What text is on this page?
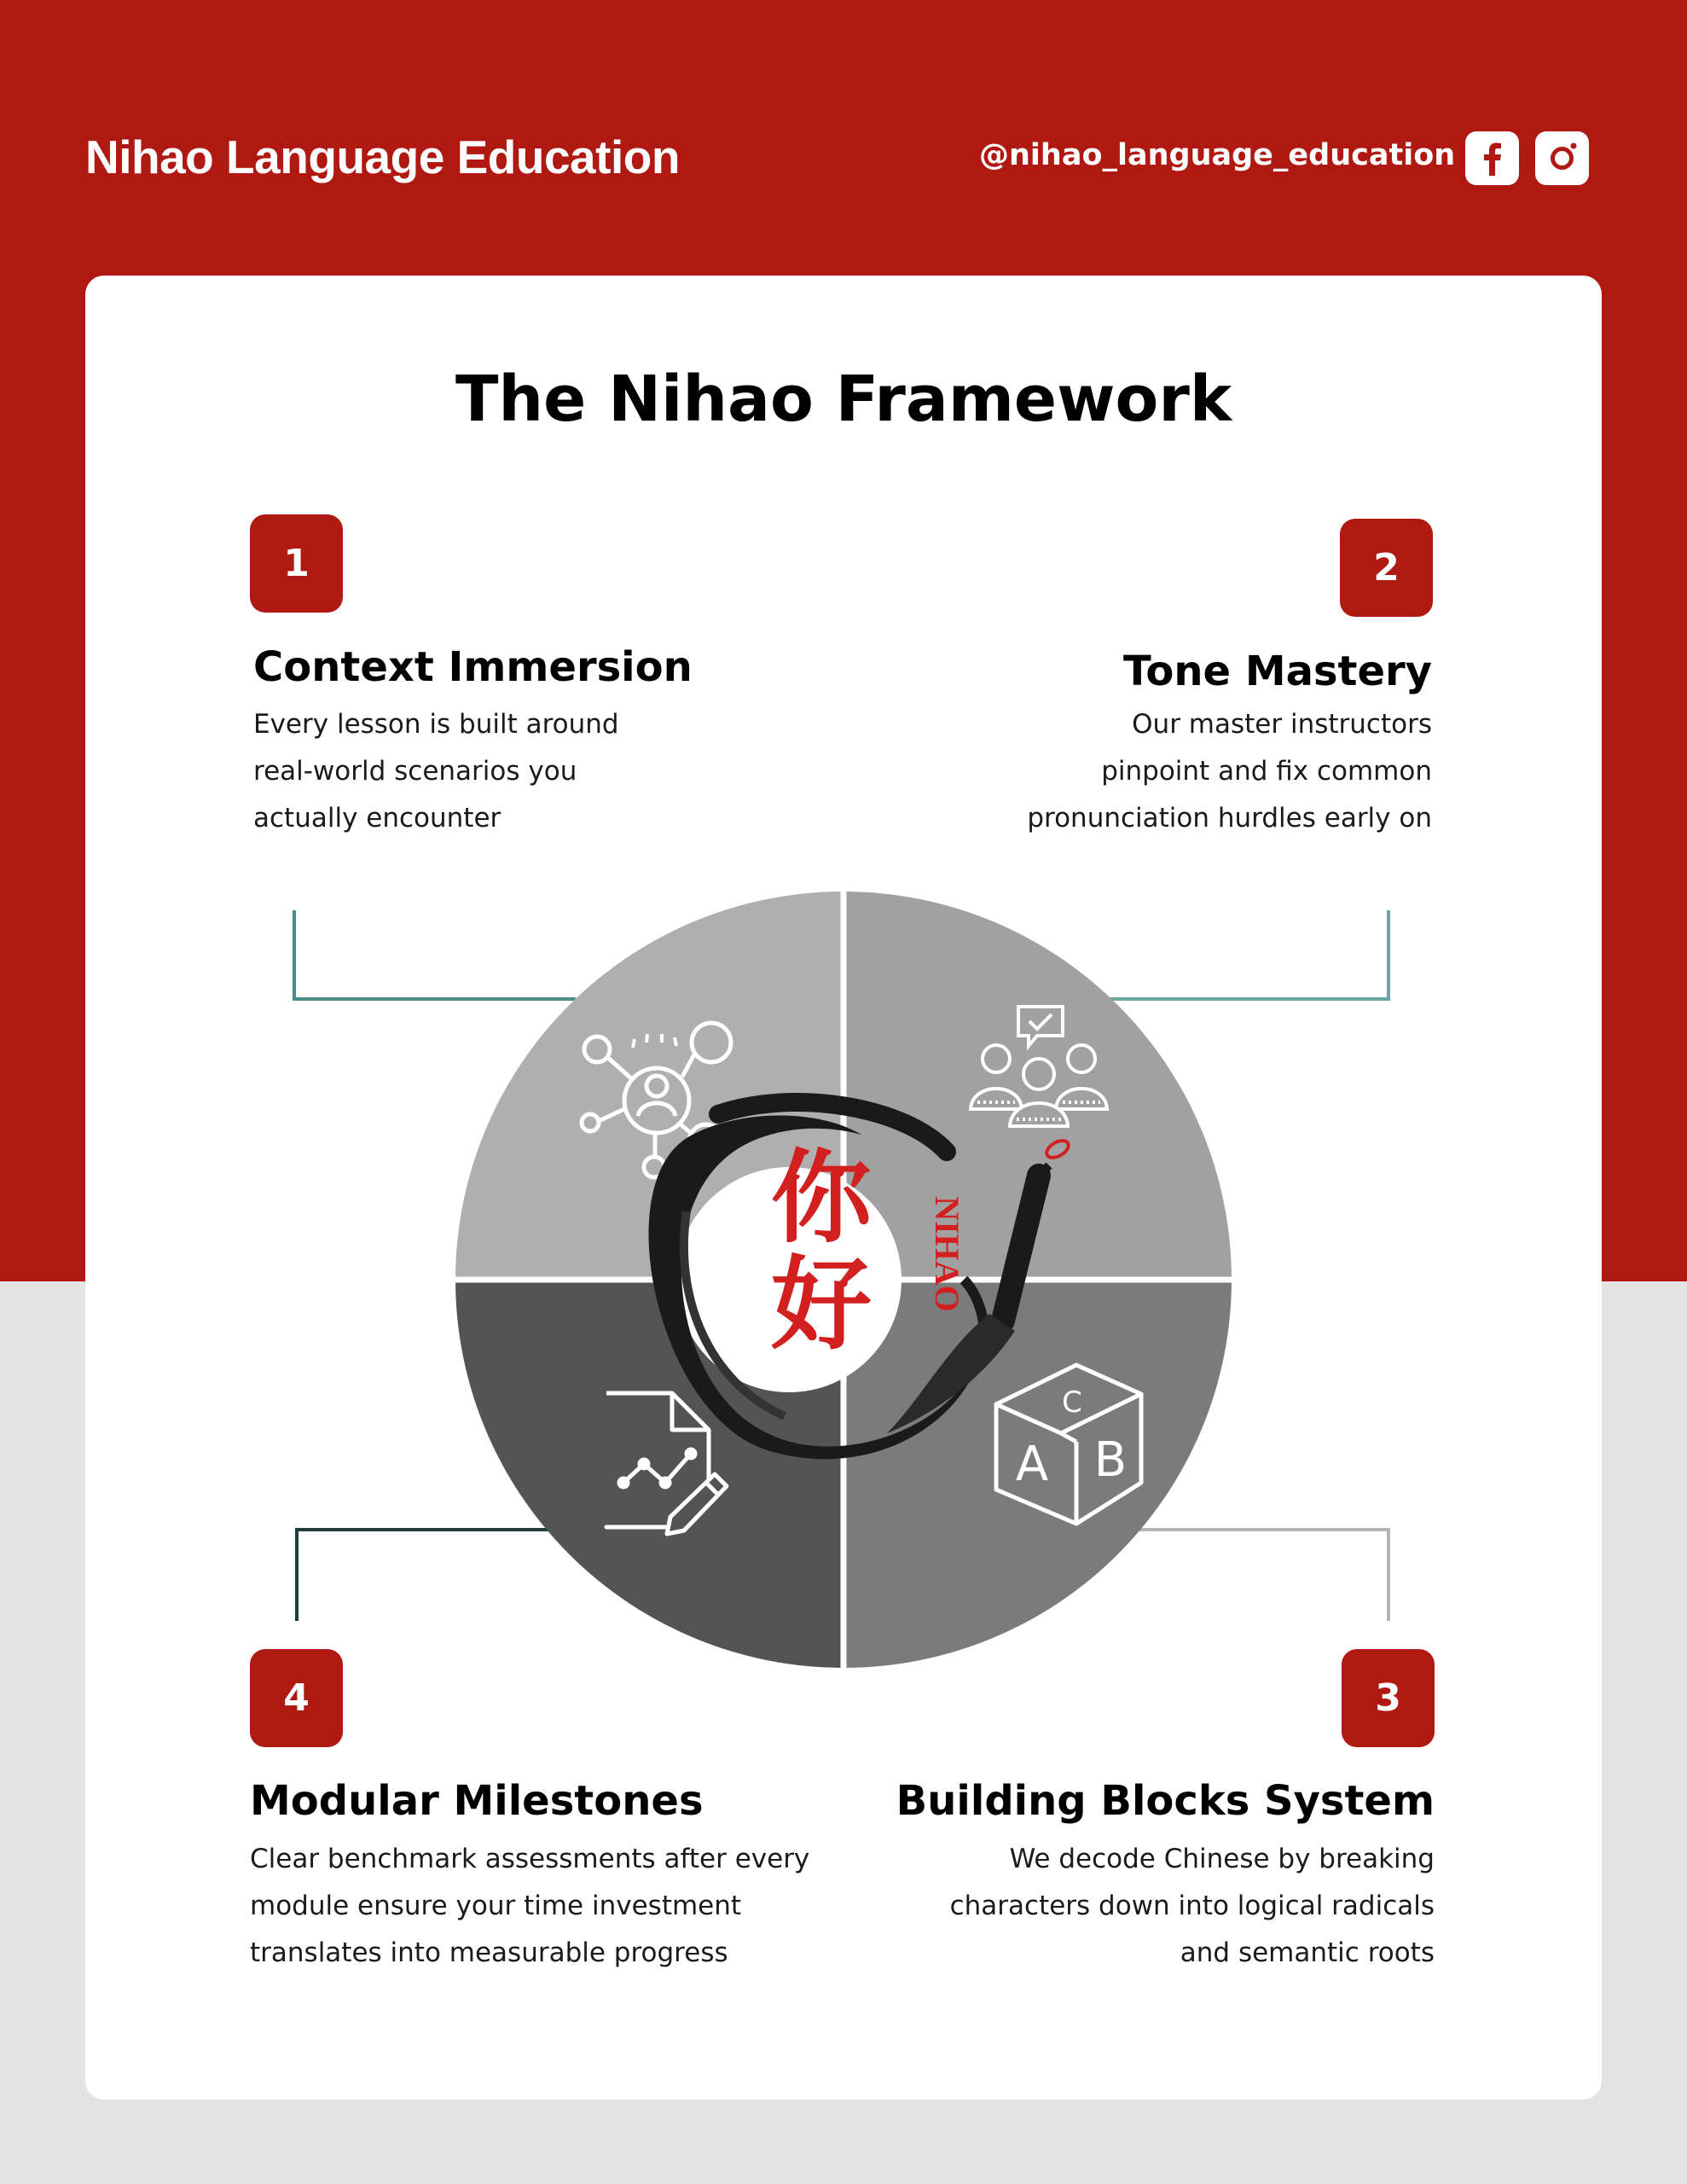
Nihao Language Education	@nihao_language_education
The Nihao Framework
1
Context Immersion
Every lesson is built around
real-world scenarios you
actually encounter
2
Tone Mastery
Our master instructors
pinpoint and fix common
pronunciation hurdles early on
4
Modular Milestones
Clear benchmark assessments after every
module ensure your time investment
translates into measurable progress
3
Building Blocks System
We decode Chinese by breaking
characters down into logical radicals
and semantic roots
C
A B
你好 NIHAO
